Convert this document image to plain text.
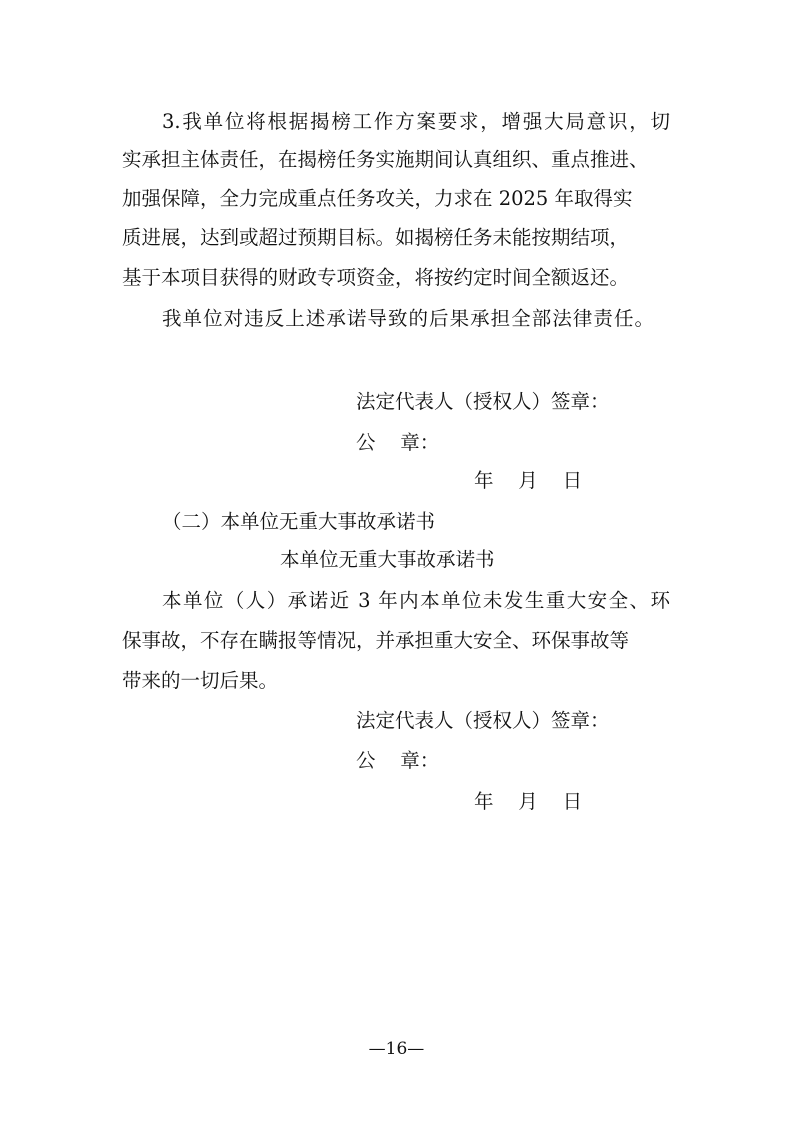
3.我单位将根据揭榜工作方案要求，增强大局意识，切
实承担主体责任，在揭榜任务实施期间认真组织、重点推进、
加强保障，全力完成重点任务攻关，力求在 2025 年取得实
质进展，达到或超过预期目标。如揭榜任务未能按期结项，
基于本项目获得的财政专项资金，将按约定时间全额返还。
我单位对违反上述承诺导致的后果承担全部法律责任。
法定代表人（授权人）签章：
公    章：
年    月    日
（二）本单位无重大事故承诺书
本单位无重大事故承诺书
本单位（人）承诺近 3 年内本单位未发生重大安全、环
保事故，不存在瞒报等情况，并承担重大安全、环保事故等
带来的一切后果。
法定代表人（授权人）签章：
公    章：
年    月    日
—16—
